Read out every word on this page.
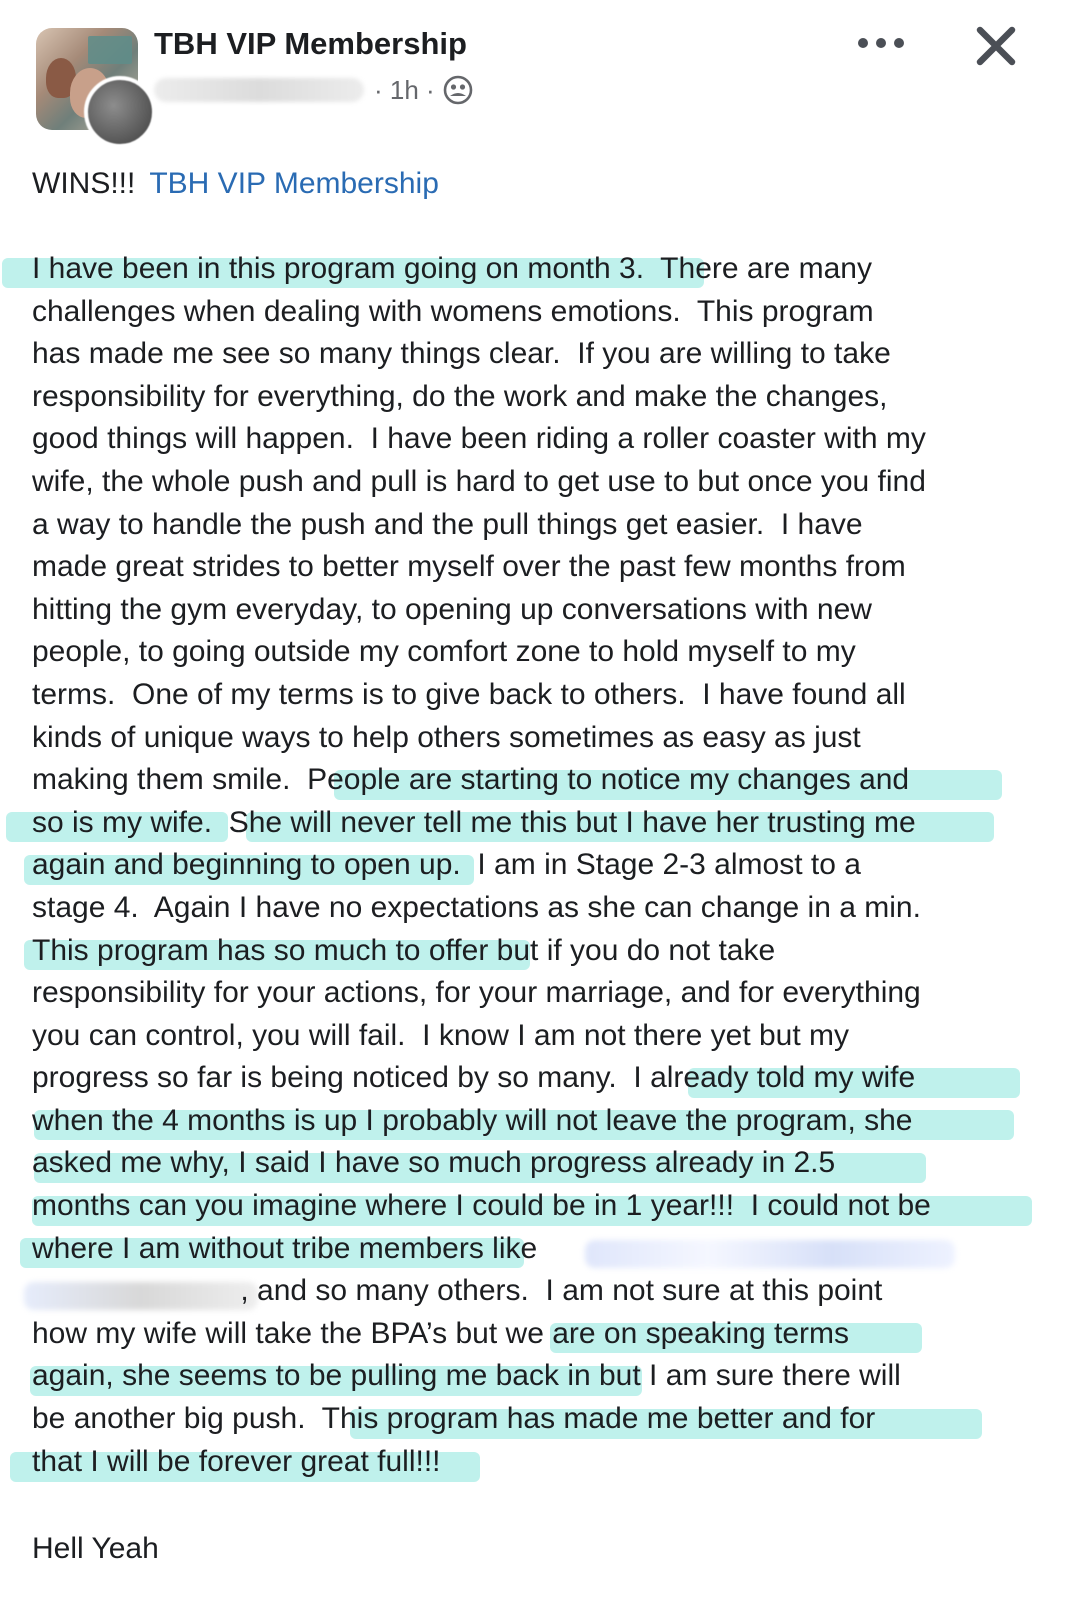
TBH VIP Membership
· 1h ·
WINS!!! TBH VIP Membership

I have been in this program going on month 3.  There are many

challenges when dealing with womens emotions.  This program

has made me see so many things clear.  If you are willing to take

responsibility for everything, do the work and make the changes,

good things will happen.  I have been riding a roller coaster with my

wife, the whole push and pull is hard to get use to but once you find

a way to handle the push and the pull things get easier.  I have

made great strides to better myself over the past few months from

hitting the gym everyday, to opening up conversations with new

people, to going outside my comfort zone to hold myself to my

terms.  One of my terms is to give back to others.  I have found all

kinds of unique ways to help others sometimes as easy as just

making them smile.  People are starting to notice my changes and

so is my wife.  She will never tell me this but I have her trusting me

again and beginning to open up.  I am in Stage 2-3 almost to a

stage 4.  Again I have no expectations as she can change in a min.

This program has so much to offer but if you do not take

responsibility for your actions, for your marriage, and for everything

you can control, you will fail.  I know I am not there yet but my

progress so far is being noticed by so many.  I already told my wife

when the 4 months is up I probably will not leave the program, she

asked me why, I said I have so much progress already in 2.5

months can you imagine where I could be in 1 year!!!  I could not be

where I am without tribe members like

, and so many others.  I am not sure at this point

how my wife will take the BPA’s but we are on speaking terms

again, she seems to be pulling me back in but I am sure there will

be another big push.  This program has made me better and for

that I will be forever great full!!!

Hell Yeah
